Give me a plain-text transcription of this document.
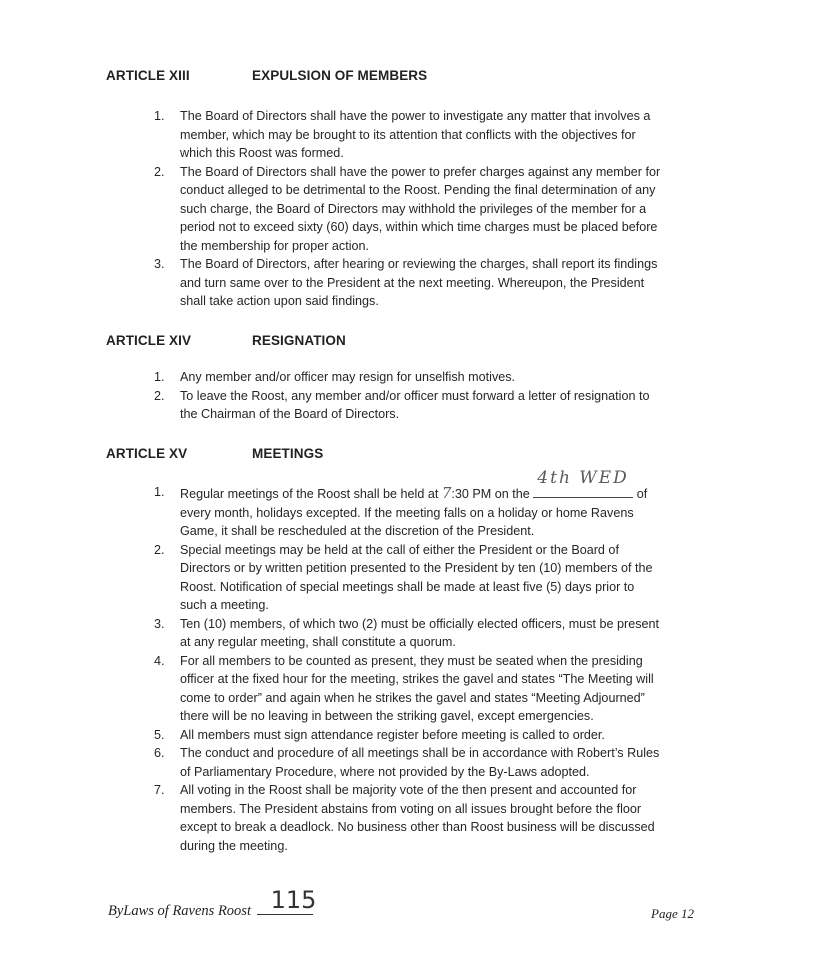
ARTICLE XIII	EXPULSION OF MEMBERS
1. The Board of Directors shall have the power to investigate any matter that involves a
member, which may be brought to its attention that conflicts with the objectives for
which this Roost was formed.
2. The Board of Directors shall have the power to prefer charges against any member for
conduct alleged to be detrimental to the Roost. Pending the final determination of any
such charge, the Board of Directors may withhold the privileges of the member for a
period not to exceed sixty (60) days, within which time charges must be placed before
the membership for proper action.
3. The Board of Directors, after hearing or reviewing the charges, shall report its findings
and turn same over to the President at the next meeting. Whereupon, the President
shall take action upon said findings.
ARTICLE XIV	RESIGNATION
1. Any member and/or officer may resign for unselfish motives.
2. To leave the Roost, any member and/or officer must forward a letter of resignation to
the Chairman of the Board of Directors.
ARTICLE XV	MEETINGS
1. Regular meetings of the Roost shall be held at 7:30 PM on the
4th WED
of
every month, holidays excepted. If the meeting falls on a holiday or home Ravens
Game, it shall be rescheduled at the discretion of the President.
2. Special meetings may be held at the call of either the President or the Board of
Directors or by written petition presented to the President by ten (10) members of the
Roost. Notification of special meetings shall be made at least five (5) days prior to
such a meeting.
3. Ten (10) members, of which two (2) must be officially elected officers, must be present
at any regular meeting, shall constitute a quorum.
4. For all members to be counted as present, they must be seated when the presiding
officer at the fixed hour for the meeting, strikes the gavel and states “The Meeting will
come to order” and again when he strikes the gavel and states “Meeting Adjourned”
there will be no leaving in between the striking gavel, except emergencies.
5. All members must sign attendance register before meeting is called to order.
6. The conduct and procedure of all meetings shall be in accordance with Robert’s Rules
of Parliamentary Procedure, where not provided by the By-Laws adopted.
7. All voting in the Roost shall be majority vote of the then present and accounted for
members. The President abstains from voting on all issues brought before the floor
except to break a deadlock. No business other than Roost business will be discussed
during the meeting.
ByLaws of Ravens Roost 115	Page 12
